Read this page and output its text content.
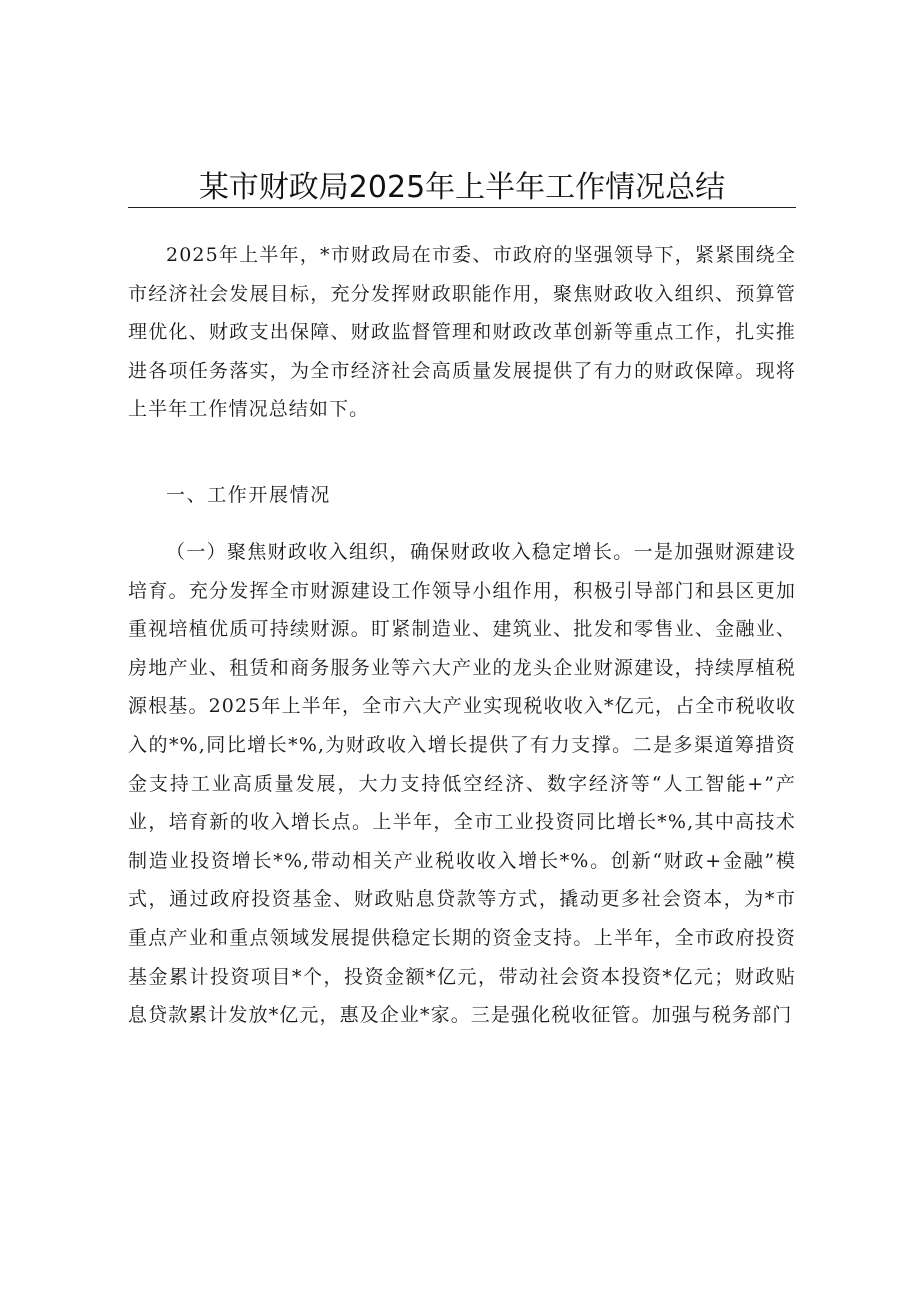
某市财政局2025年上半年工作情况总结

2025年上半年，*市财政局在市委、市政府的坚强领导下，紧紧围绕全市经济社会发展目标，充分发挥财政职能作用，聚焦财政收入组织、预算管理优化、财政支出保障、财政监督管理和财政改革创新等重点工作，扎实推进各项任务落实，为全市经济社会高质量发展提供了有力的财政保障。现将上半年工作情况总结如下。

一、工作开展情况

（一）聚焦财政收入组织，确保财政收入稳定增长。一是加强财源建设培育。充分发挥全市财源建设工作领导小组作用，积极引导部门和县区更加重视培植优质可持续财源。盯紧制造业、建筑业、批发和零售业、金融业、房地产业、租赁和商务服务业等六大产业的龙头企业财源建设，持续厚植税源根基。2025年上半年，全市六大产业实现税收收入*亿元，占全市税收收入的*%,同比增长*%,为财政收入增长提供了有力支撑。二是多渠道筹措资金支持工业高质量发展，大力支持低空经济、数字经济等“人工智能+”产业，培育新的收入增长点。上半年，全市工业投资同比增长*%,其中高技术制造业投资增长*%,带动相关产业税收收入增长*%。创新“财政+金融”模式，通过政府投资基金、财政贴息贷款等方式，撬动更多社会资本，为*市重点产业和重点领域发展提供稳定长期的资金支持。上半年，全市政府投资基金累计投资项目*个，投资金额*亿元，带动社会资本投资*亿元；财政贴息贷款累计发放*亿元，惠及企业*家。三是强化税收征管。加强与税务部门
